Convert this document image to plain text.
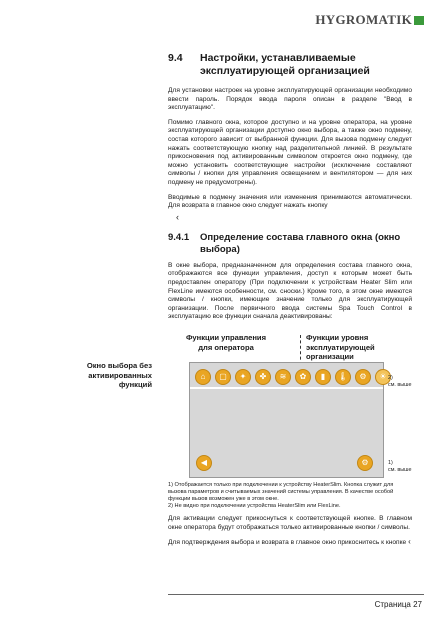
HYGROMATIK
9.4	Настройки, устанавливаемые эксплуатирующей организацией

Для установки настроек на уровне эксплуатирующей организации необходимо ввести пароль. Порядок ввода пароля описан в разделе "Ввод в эксплуатацию".

Помимо главного окна, которое доступно и на уровне оператора, на уровне эксплуатирующей организации доступно окно выбора, а также окно подмену, состав которого зависит от выбранной функции. Для вызова подмену следует нажать соответствующую кнопку над разделительной линией. В результате прикосновения под активированным символом откроется окно подмену, где можно установить соответствующие настройки (исключение составляют символы / кнопки для управления освещением и вентилятором — для них подмену не предусмотрены).

Вводимые в подмену значения или изменения принимаются автоматически. Для возврата в главное окно следует нажать кнопку

‹
9.4.1	Определение состава главного окна (окно выбора)

В окне выбора, предназначенном для определения состава главного окна, отображаются все функции управления, доступ к которым может быть предоставлен оператору (При подключении к устройствам Heater Slim или FlexLine имеются особенности, см. сноски.) Кроме того, в этом окне имеются символы / кнопки, имеющие значение только для эксплуатирующей организации. После первичного ввода системы Spa Touch Control в эксплуатацию все функции сначала деактивированы:

Окно выбора без активированных функций
Функции управления для оператора
Функции уровня эксплуатирующей организации
⌂	▢	✦	✤	≋	✿	▮	🌡	⚙	☀
◀	⚙
2)
см. выше
1)
см. выше
1) Отображается только при подключении к устройству HeaterSlim. Кнопка служит для вызова параметров и считываемых значений системы управления. В качестве особой функции вызов возможен уже в этом окне.
2) Не видно при подключении устройства HeaterSlim или FlexLine.

Для активации следует прикоснуться к соответствующей кнопке. В главном окне оператора будут отображаться только активированные кнопки / символы.

Для подтверждения выбора и возврата в главное окно прикоснитесь к кнопке ‹

Страница 27
